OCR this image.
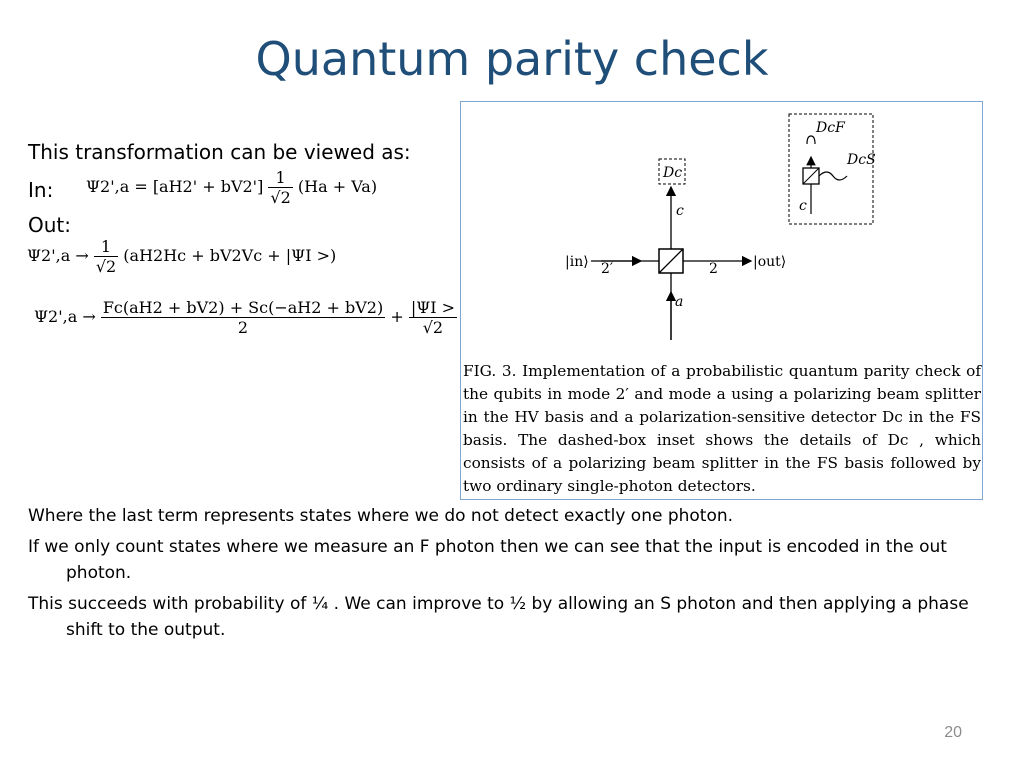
Quantum parity check
This transformation can be viewed as:
In: $\Psi 2',a = [aH2' + bV2'] \frac{1}{√2} (Ha + Va)$
Out:
$\Psi 2',a \to \frac{1}{√2} (aH2Hc + bV2Vc + |\Psi I$ >)
$\Psi 2',a \to \frac{Fc(aH2 + bV2) + Sc(-aH2 + bV2)}{2} + \frac{|\Psi I >}{√2}$
Dc
c
a
|in⟩ 2′	2	|out⟩
DcF
DcS
c
FIG. 3. Implementation of a probabilistic quantum parity check of the qubits in mode 2′ and mode a using a polarizing beam splitter in the HV basis and a polarization-sensitive detector Dc in the FS basis. The dashed-box inset shows the details of Dc , which consists of a polarizing beam splitter in the FS basis followed by two ordinary single-photon detectors.

Where the last term represents states where we do not detect exactly one photon.

If we only count states where we measure an F photon then we can see that the input is encoded in the out photon.

This succeeds with probability of ¼ . We can improve to ½ by allowing an S photon and then applying a phase shift to the output.

20
